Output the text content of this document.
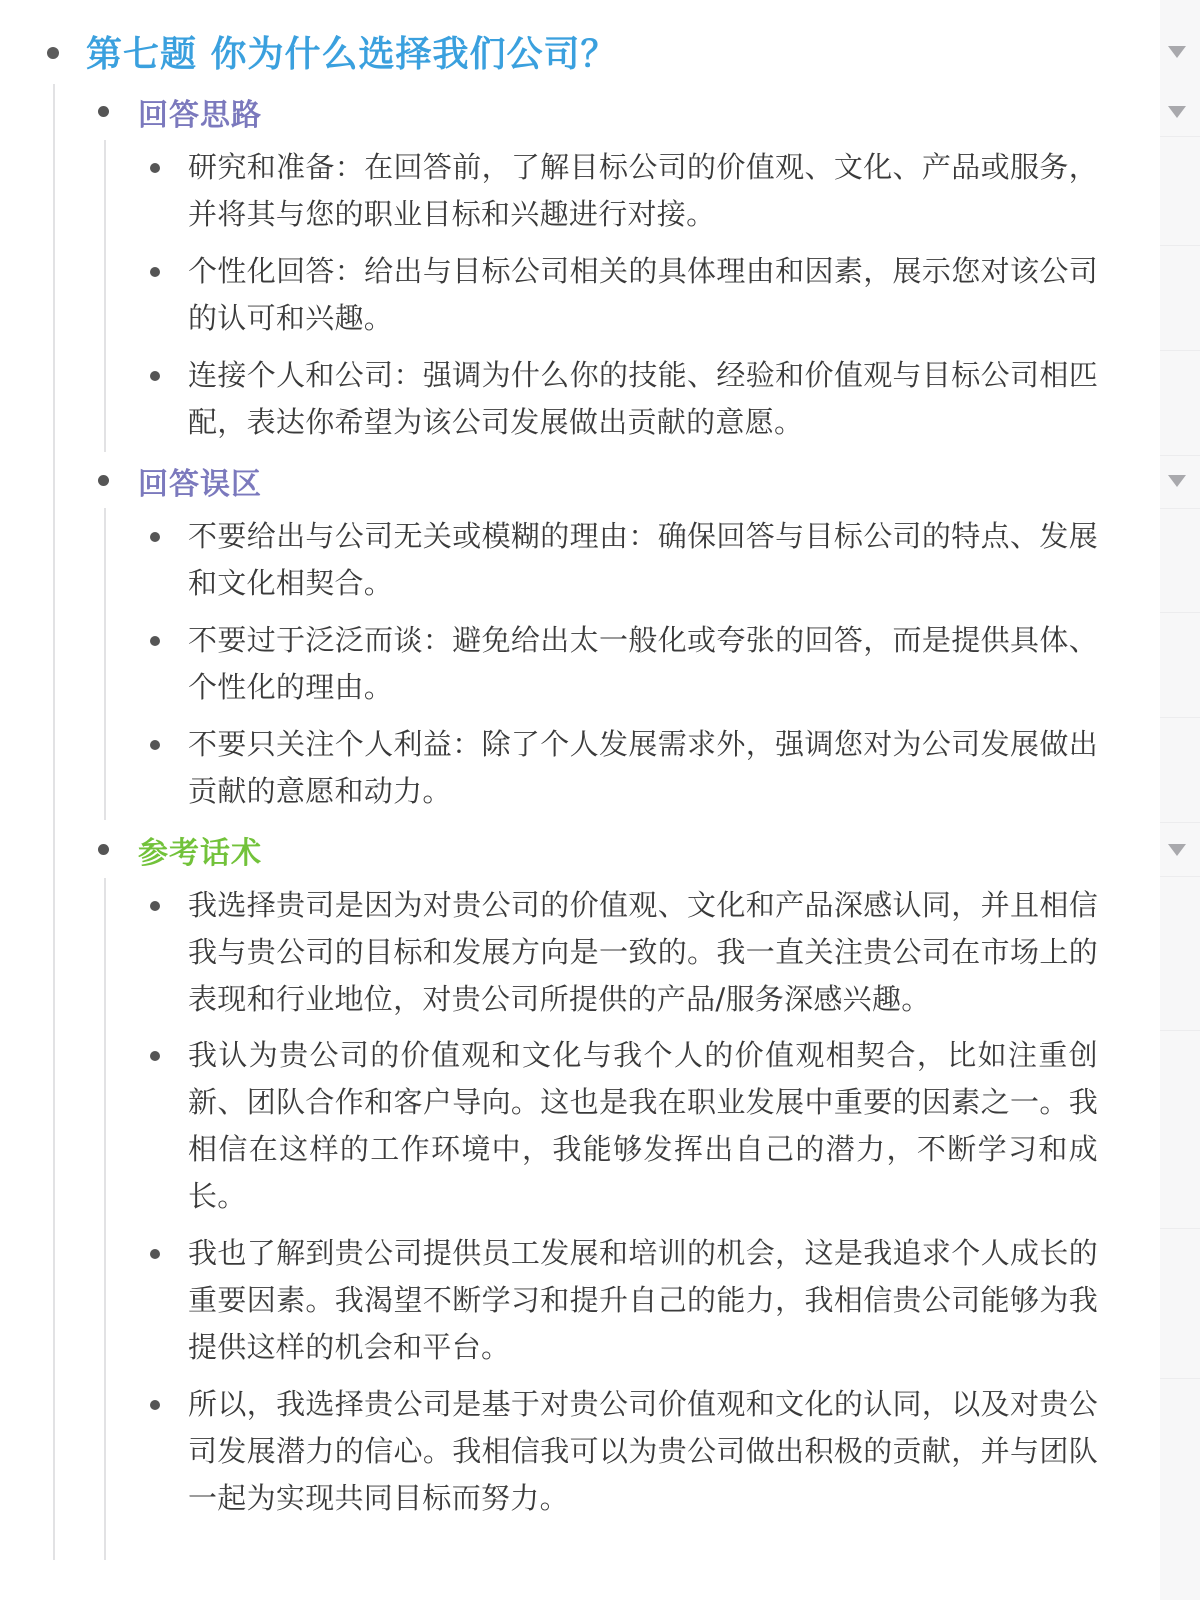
第七题 你为什么选择我们公司？
回答思路
研究和准备：在回答前，了解目标公司的价值观、文化、产品或服务，并将其与您的职业目标和兴趣进行对接。
个性化回答：给出与目标公司相关的具体理由和因素，展示您对该公司的认可和兴趣。
连接个人和公司：强调为什么你的技能、经验和价值观与目标公司相匹配，表达你希望为该公司发展做出贡献的意愿。
回答误区
不要给出与公司无关或模糊的理由：确保回答与目标公司的特点、发展和文化相契合。
不要过于泛泛而谈：避免给出太一般化或夸张的回答，而是提供具体、个性化的理由。
不要只关注个人利益：除了个人发展需求外，强调您对为公司发展做出贡献的意愿和动力。
参考话术
我选择贵司是因为对贵公司的价值观、文化和产品深感认同，并且相信我与贵公司的目标和发展方向是一致的。我一直关注贵公司在市场上的表现和行业地位，对贵公司所提供的产品/服务深感兴趣。
我认为贵公司的价值观和文化与我个人的价值观相契合，比如注重创新、团队合作和客户导向。这也是我在职业发展中重要的因素之一。我相信在这样的工作环境中，我能够发挥出自己的潜力，不断学习和成长。
我也了解到贵公司提供员工发展和培训的机会，这是我追求个人成长的重要因素。我渴望不断学习和提升自己的能力，我相信贵公司能够为我提供这样的机会和平台。
所以，我选择贵公司是基于对贵公司价值观和文化的认同，以及对贵公司发展潜力的信心。我相信我可以为贵公司做出积极的贡献，并与团队一起为实现共同目标而努力。
